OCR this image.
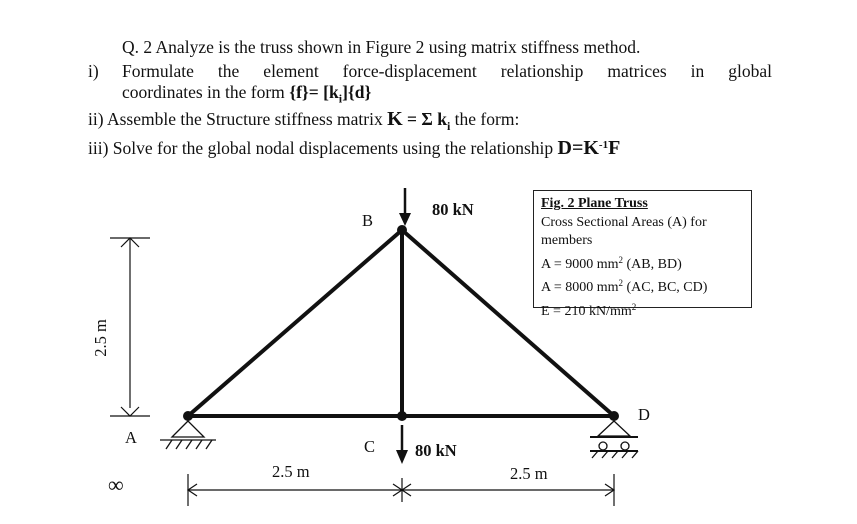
Q. 2 Analyze is the truss shown in Figure 2 using matrix stiffness method.
i) Formulate the element force-displacement relationship matrices in global
coordinates in the form $\{f\}= [k_i]\{d\}$
ii) Assemble the Structure stiffness matrix K = Σ $k_i$ the form:
iii) Solve for the global nodal displacements using the relationship $D=K^{-1}F$
B
A	C
D
80 kN
80 kN
2.5 m
2.5 m	2.5 m
∞
Fig. 2 Plane Truss
Cross Sectional Areas (A) for
members
A = 9000 $mm^2$ (AB, BD)
A = 8000 $mm^2$ (AC, BC, CD)
E = 210 $kN/mm^2$
